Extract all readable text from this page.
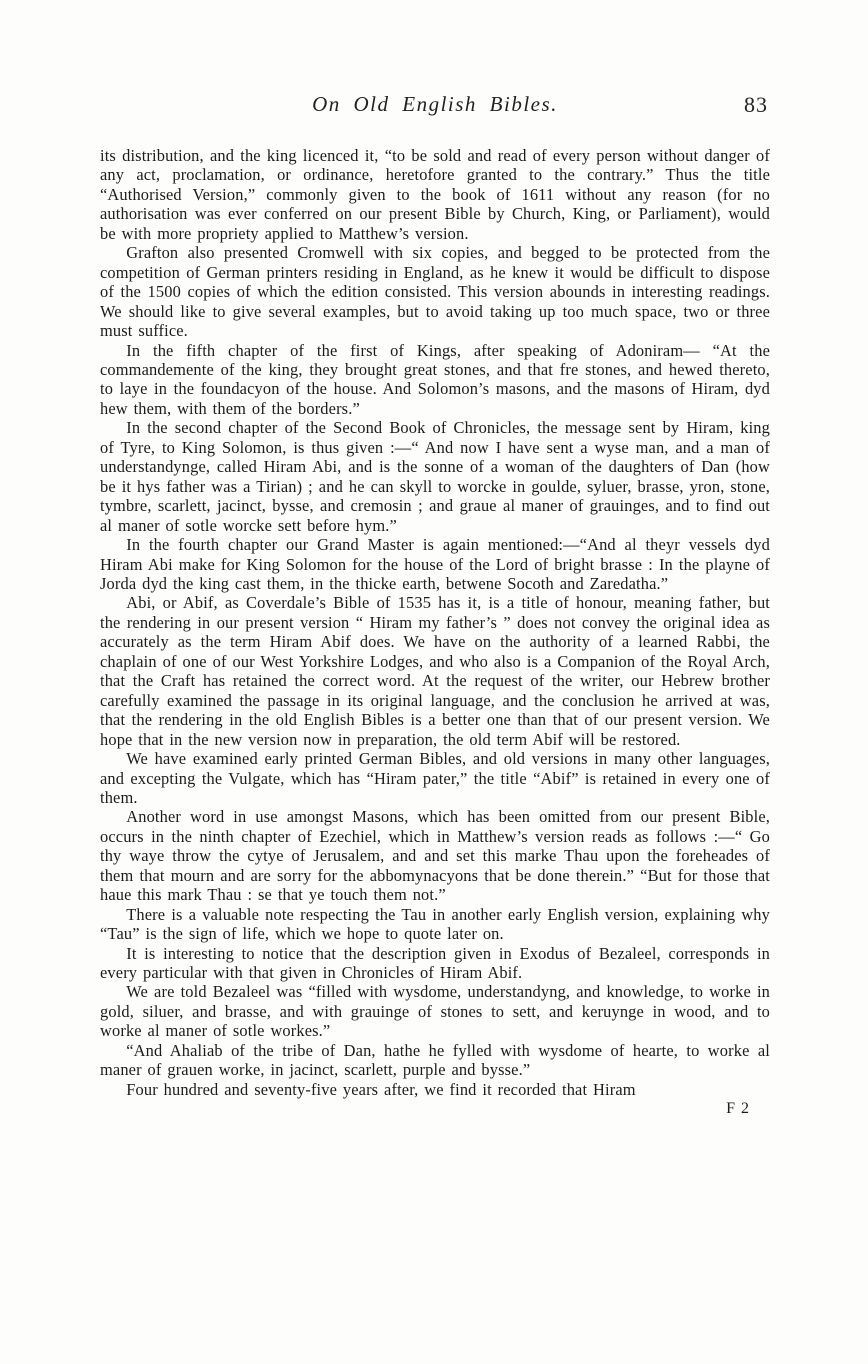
On Old English Bibles.	83

its distribution, and the king licenced it, “to be sold and read of every person without danger of any act, proclamation, or ordinance, heretofore granted to the contrary.” Thus the title “Authorised Version,” commonly given to the book of 1611 without any reason (for no authorisation was ever conferred on our present Bible by Church, King, or Parliament), would be with more propriety applied to Matthew’s version.

Grafton also presented Cromwell with six copies, and begged to be protected from the competition of German printers residing in England, as he knew it would be difficult to dispose of the 1500 copies of which the edition consisted. This version abounds in interesting readings. We should like to give several examples, but to avoid taking up too much space, two or three must suffice.

In the fifth chapter of the first of Kings, after speaking of Adoniram— “At the commandemente of the king, they brought great stones, and that fre stones, and hewed thereto, to laye in the foundacyon of the house. And Solomon’s masons, and the masons of Hiram, dyd hew them, with them of the borders.”

In the second chapter of the Second Book of Chronicles, the message sent by Hiram, king of Tyre, to King Solomon, is thus given :—“ And now I have sent a wyse man, and a man of understandynge, called Hiram Abi, and is the sonne of a woman of the daughters of Dan (how be it hys father was a Tirian) ; and he can skyll to worcke in goulde, syluer, brasse, yron, stone, tymbre, scarlett, jacinct, bysse, and cremosin ; and graue al maner of grauinges, and to find out al maner of sotle worcke sett before hym.”

In the fourth chapter our Grand Master is again mentioned:—“And al theyr vessels dyd Hiram Abi make for King Solomon for the house of the Lord of bright brasse : In the playne of Jorda dyd the king cast them, in the thicke earth, betwene Socoth and Zaredatha.”

Abi, or Abif, as Coverdale’s Bible of 1535 has it, is a title of honour, meaning father, but the rendering in our present version “ Hiram my father’s ” does not convey the original idea as accurately as the term Hiram Abif does. We have on the authority of a learned Rabbi, the chaplain of one of our West Yorkshire Lodges, and who also is a Companion of the Royal Arch, that the Craft has retained the correct word. At the request of the writer, our Hebrew brother carefully examined the passage in its original language, and the conclusion he arrived at was, that the rendering in the old English Bibles is a better one than that of our present version. We hope that in the new version now in preparation, the old term Abif will be restored.

We have examined early printed German Bibles, and old versions in many other languages, and excepting the Vulgate, which has “Hiram pater,” the title “Abif” is retained in every one of them.

Another word in use amongst Masons, which has been omitted from our present Bible, occurs in the ninth chapter of Ezechiel, which in Matthew’s version reads as follows :—“ Go thy waye throw the cytye of Jerusalem, and and set this marke Thau upon the foreheades of them that mourn and are sorry for the abbomynacyons that be done therein.” “But for those that haue this mark Thau : se that ye touch them not.”

There is a valuable note respecting the Tau in another early English version, explaining why “Tau” is the sign of life, which we hope to quote later on.

It is interesting to notice that the description given in Exodus of Bezaleel, corresponds in every particular with that given in Chronicles of Hiram Abif.

We are told Bezaleel was “filled with wysdome, understandyng, and knowledge, to worke in gold, siluer, and brasse, and with grauinge of stones to sett, and keruynge in wood, and to worke al maner of sotle workes.”

“And Ahaliab of the tribe of Dan, hathe he fylled with wysdome of hearte, to worke al maner of grauen worke, in jacinct, scarlett, purple and bysse.”

Four hundred and seventy-five years after, we find it recorded that Hiram

F 2
